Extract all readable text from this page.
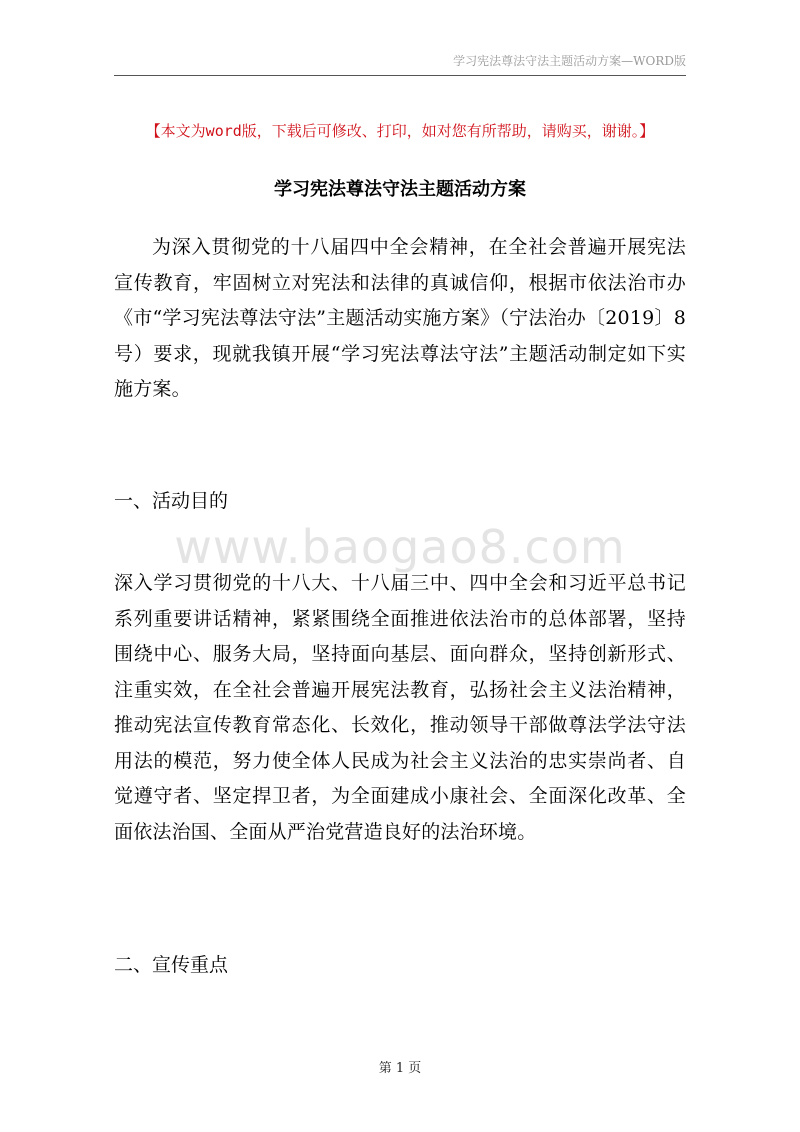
学习宪法尊法守法主题活动方案—WORD版
【本文为word版，下载后可修改、打印，如对您有所帮助，请购买，谢谢。】
学习宪法尊法守法主题活动方案
为深入贯彻党的十八届四中全会精神，在全社会普遍开展宪法宣传教育，牢固树立对宪法和法律的真诚信仰，根据市依法治市办《市“学习宪法尊法守法”主题活动实施方案》（宁法治办〔2019〕8号）要求，现就我镇开展“学习宪法尊法守法”主题活动制定如下实施方案。
一、活动目的
www.baogao8.com
深入学习贯彻党的十八大、十八届三中、四中全会和习近平总书记系列重要讲话精神，紧紧围绕全面推进依法治市的总体部署，坚持围绕中心、服务大局，坚持面向基层、面向群众，坚持创新形式、注重实效，在全社会普遍开展宪法教育，弘扬社会主义法治精神，推动宪法宣传教育常态化、长效化，推动领导干部做尊法学法守法用法的模范，努力使全体人民成为社会主义法治的忠实崇尚者、自觉遵守者、坚定捍卫者，为全面建成小康社会、全面深化改革、全面依法治国、全面从严治党营造良好的法治环境。
二、宣传重点
第 1 页
